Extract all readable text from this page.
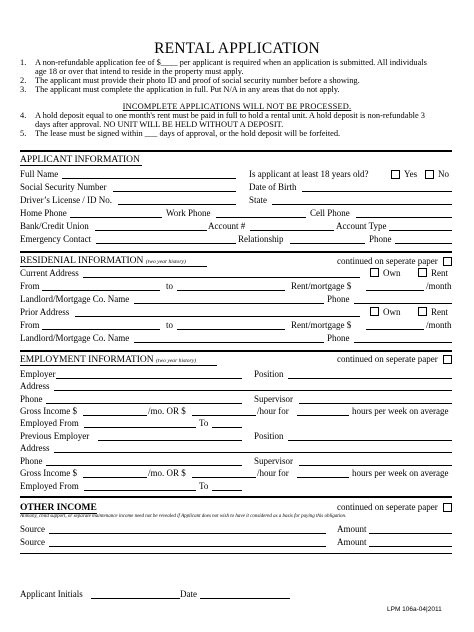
RENTAL APPLICATION
1. A non-refundable application fee of $____ per applicant is required when an application is submitted. All individuals
age 18 or over that intend to reside in the property must apply.
2. The applicant must provide their photo ID and proof of social security number before a showing.
3. The applicant must complete the application in full. Put N/A in any areas that do not apply.
INCOMPLETE APPLICATIONS WILL NOT BE PROCESSED.
4. A hold deposit equal to one month's rent must be paid in full to hold a rental unit. A hold deposit is non-refundable 3
days after approval. NO UNIT WILL BE HELD WITHOUT A DEPOSIT.
5. The lease must be signed within ___ days of approval, or the hold deposit will be forfeited.
APPLICANT INFORMATION
Full Name	Is applicant at least 18 years old?	Yes No
Social Security Number	Date of Birth
Driver’s License / ID No.	State
Home Phone	Work Phone	Cell Phone
Bank/Credit Union	Account #	Account Type
Emergency Contact	Relationship	Phone
RESIDENIAL INFORMATION (two year history)	continued on seperate paper
Current Address	Own	Rent
From	to	Rent/mortgage $	/month
Landlord/Mortgage Co. Name	Phone
Prior Address	Own	Rent
From	to	Rent/mortgage $	/month
Landlord/Mortgage Co. Name	Phone
EMPLOYMENT INFORMATION (two year history)	continued on seperate paper
Employer	Position
Address
Phone	Supervisor
Gross Income $	/mo. OR $	/hour for	hours per week on average
Employed From	To
Previous Employer	Position
Address
Phone	Supervisor
Gross Income $	/mo. OR $	/hour for	hours per week on average
Employed From	To
OTHER INCOME	continued on seperate paper
Alimony, child support, or separate maintenance income need not be revealed if Applicant does not wish to have it considered as a basis for paying this obligation.
Source	Amount
Source	Amount
Applicant Initials	Date
LPM 106a-04|2011
